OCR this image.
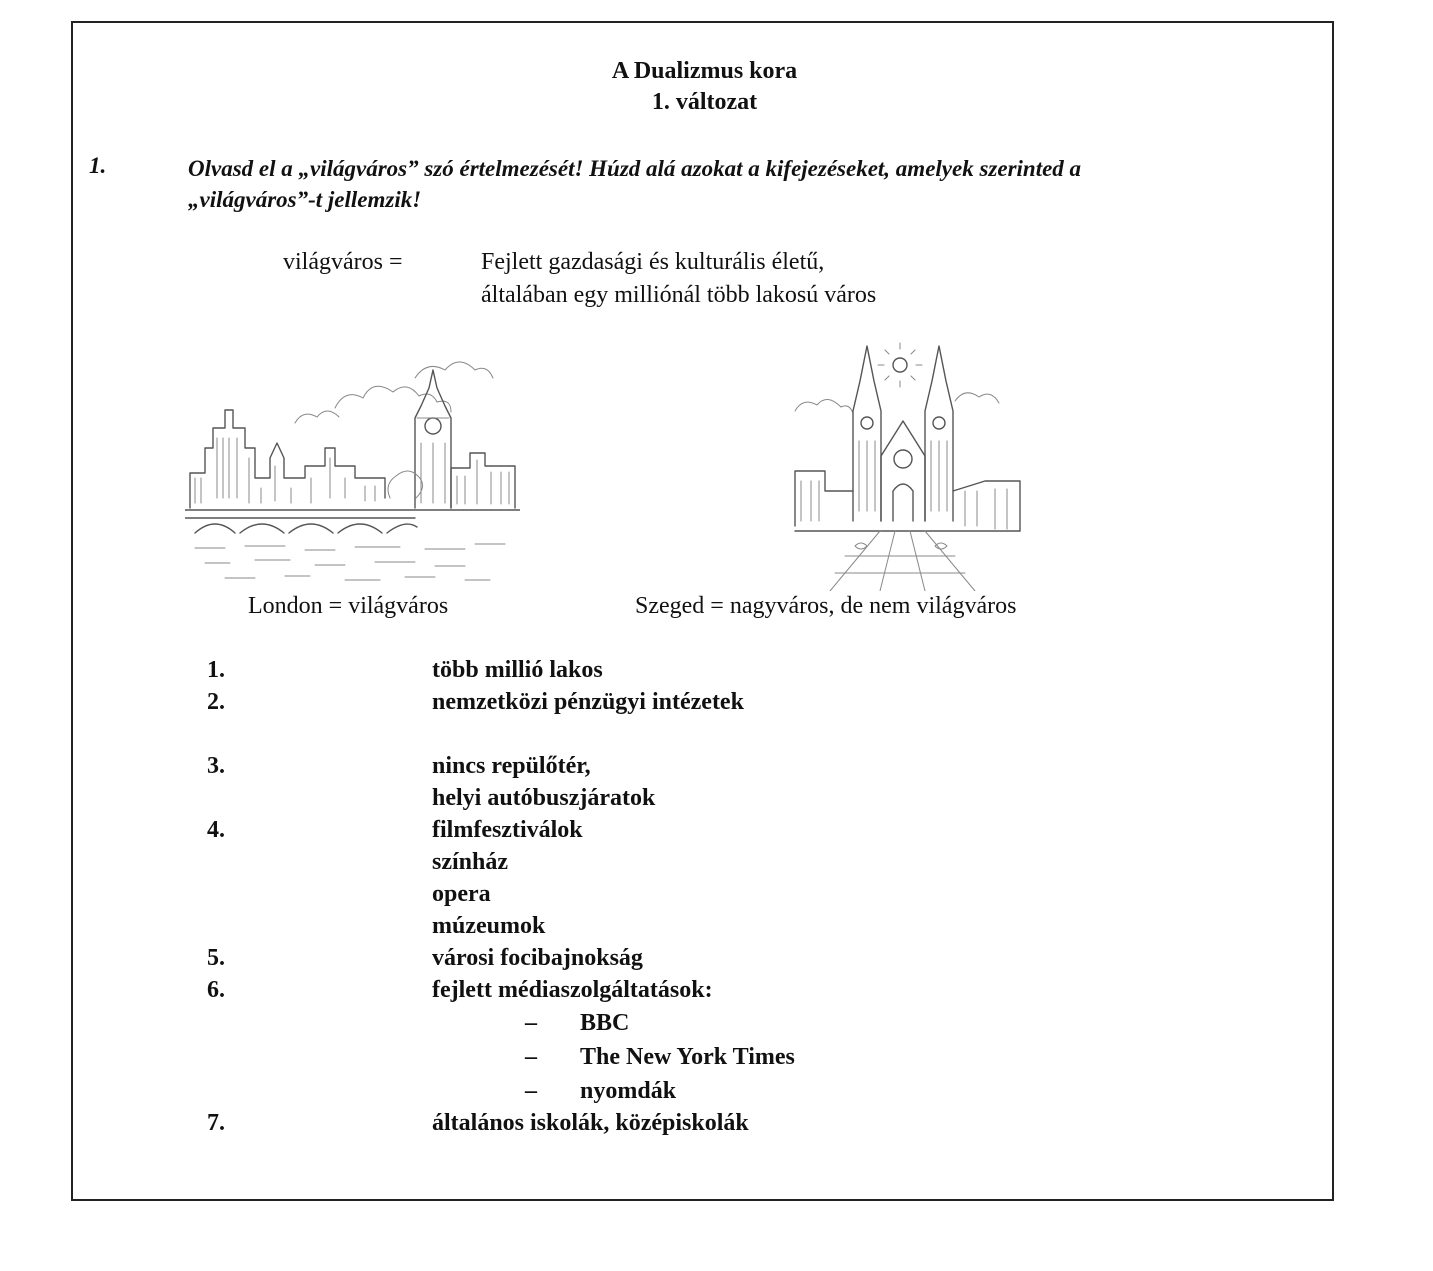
A Dualizmus kora
1. változat
1.	Olvasd el a „világváros” szó értelmezését! Húzd alá azokat a kifejezéseket, amelyek szerinted a
„világváros”-t jellemzik!
világváros =	Fejlett gazdasági és kulturális életű,
általában egy milliónál több lakosú város
London = világváros	Szeged = nagyváros, de nem világváros
1.	több millió lakos
2.	nemzetközi pénzügyi intézetek
3.	nincs repülőtér,
helyi autóbuszjáratok
4.	filmfesztiválok
színház
opera
múzeumok
5.	városi focibajnokság
6.	fejlett médiaszolgáltatások:
– BBC
– The New York Times
– nyomdák
7.	általános iskolák, középiskolák
